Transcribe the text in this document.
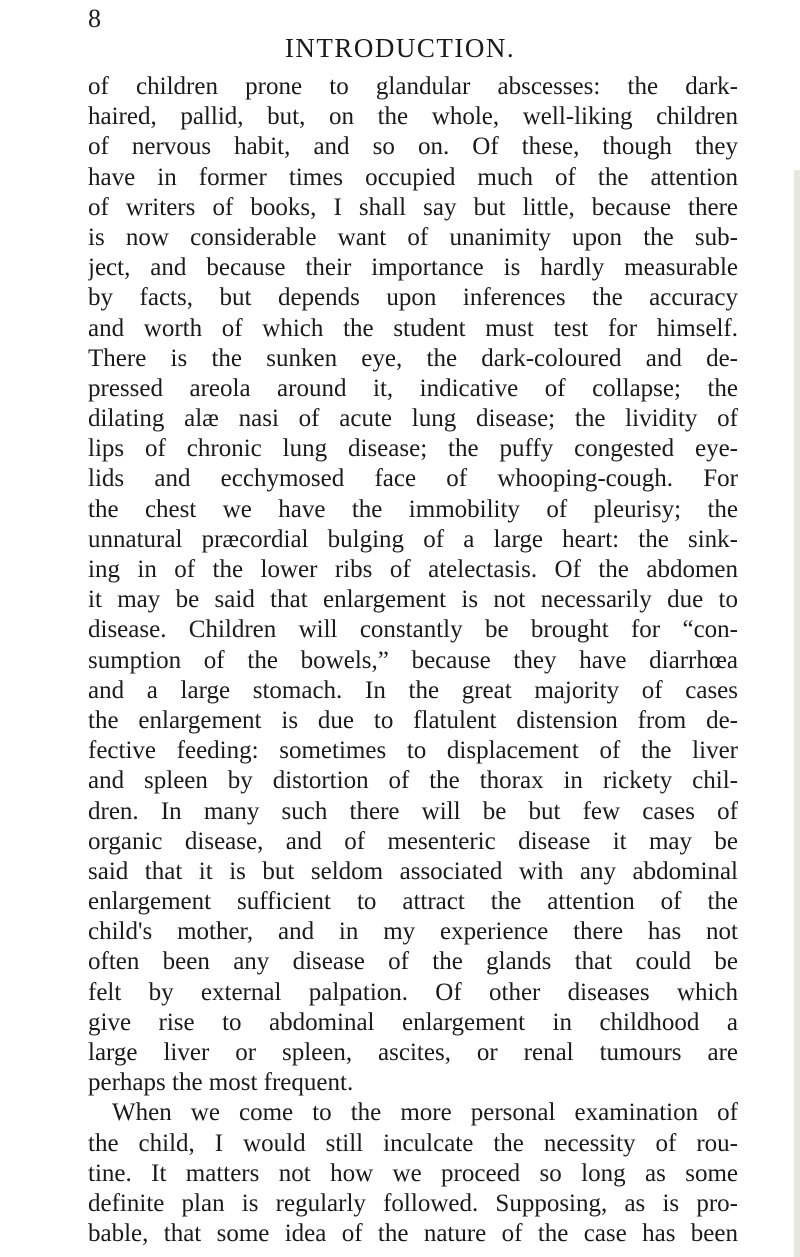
8
INTRODUCTION.
of children prone to glandular abscesses: the dark-
haired, pallid, but, on the whole, well-liking children
of nervous habit, and so on. Of these, though they
have in former times occupied much of the attention
of writers of books, I shall say but little, because there
is now considerable want of unanimity upon the sub-
ject, and because their importance is hardly measurable
by facts, but depends upon inferences the accuracy
and worth of which the student must test for himself.
There is the sunken eye, the dark-coloured and de-
pressed areola around it, indicative of collapse; the
dilating alæ nasi of acute lung disease; the lividity of
lips of chronic lung disease; the puffy congested eye-
lids and ecchymosed face of whooping-cough. For
the chest we have the immobility of pleurisy; the
unnatural præcordial bulging of a large heart: the sink-
ing in of the lower ribs of atelectasis. Of the abdomen
it may be said that enlargement is not necessarily due to
disease. Children will constantly be brought for “con-
sumption of the bowels,” because they have diarrhœa
and a large stomach. In the great majority of cases
the enlargement is due to flatulent distension from de-
fective feeding: sometimes to displacement of the liver
and spleen by distortion of the thorax in rickety chil-
dren. In many such there will be but few cases of
organic disease, and of mesenteric disease it may be
said that it is but seldom associated with any abdominal
enlargement sufficient to attract the attention of the
child's mother, and in my experience there has not
often been any disease of the glands that could be
felt by external palpation. Of other diseases which
give rise to abdominal enlargement in childhood a
large liver or spleen, ascites, or renal tumours are
perhaps the most frequent.
When we come to the more personal examination of
the child, I would still inculcate the necessity of rou-
tine. It matters not how we proceed so long as some
definite plan is regularly followed. Supposing, as is pro-
bable, that some idea of the nature of the case has been
